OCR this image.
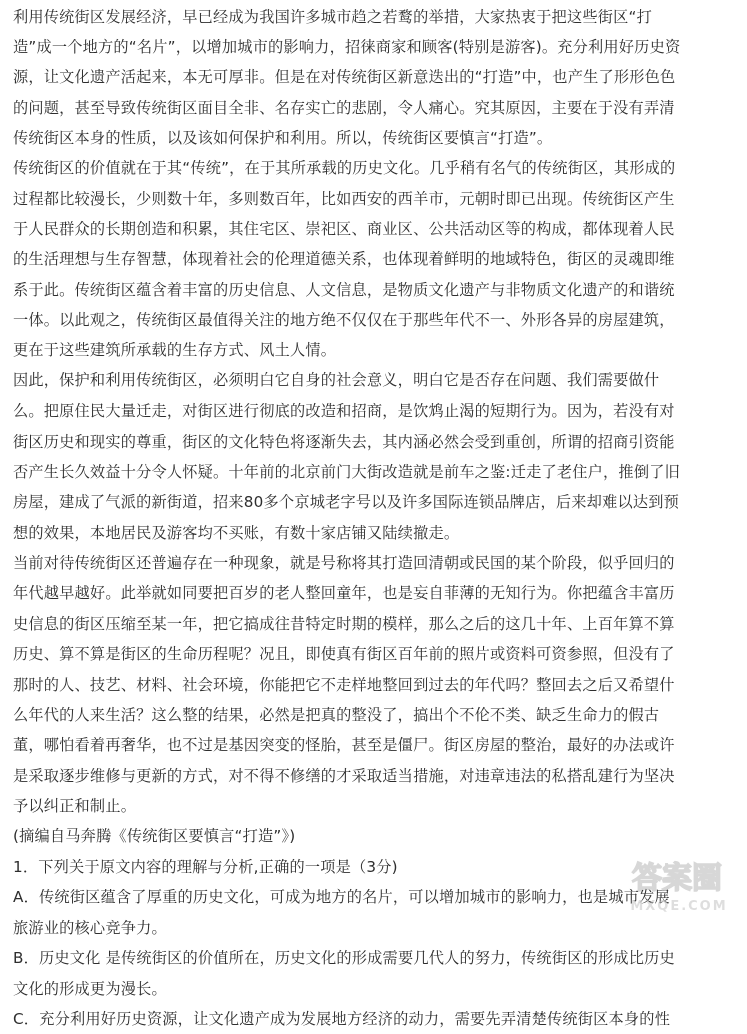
利用传统街区发展经济，早已经成为我国许多城市趋之若鹜的举措，大家热衷于把这些街区“打
造”成一个地方的“名片”，以增加城市的影响力，招徕商家和顾客(特别是游客)。充分利用好历史资
源，让文化遗产活起来，本无可厚非。但是在对传统街区新意迭出的“打造”中，也产生了形形色色
的问题，甚至导致传统街区面目全非、名存实亡的悲剧，令人痛心。究其原因，主要在于没有弄清
传统街区本身的性质，以及该如何保护和利用。所以，传统街区要慎言“打造”。
传统街区的价值就在于其“传统”，在于其所承载的历史文化。几乎稍有名气的传统街区，其形成的
过程都比较漫长，少则数十年，多则数百年，比如西安的西羊市，元朝时即已出现。传统街区产生
于人民群众的长期创造和积累，其住宅区、崇祀区、商业区、公共活动区等的构成，都体现着人民
的生活理想与生存智慧，体现着社会的伦理道德关系，也体现着鲜明的地域特色，街区的灵魂即维
系于此。传统街区蕴含着丰富的历史信息、人文信息，是物质文化遗产与非物质文化遗产的和谐统
一体。以此观之，传统街区最值得关注的地方绝不仅仅在于那些年代不一、外形各异的房屋建筑，
更在于这些建筑所承载的生存方式、风土人情。
因此，保护和利用传统街区，必须明白它自身的社会意义，明白它是否存在问题、我们需要做什
么。把原住民大量迁走，对街区进行彻底的改造和招商，是饮鸩止渴的短期行为。因为，若没有对
街区历史和现实的尊重，街区的文化特色将逐渐失去，其内涵必然会受到重创，所谓的招商引资能
否产生长久效益十分令人怀疑。十年前的北京前门大街改造就是前车之鉴:迁走了老住户，推倒了旧
房屋，建成了气派的新街道，招来80多个京城老字号以及许多国际连锁品牌店，后来却难以达到预
想的效果，本地居民及游客均不买账，有数十家店铺又陆续撤走。
当前对待传统街区还普遍存在一种现象，就是号称将其打造回清朝或民国的某个阶段，似乎回归的
年代越早越好。此举就如同要把百岁的老人整回童年，也是妄自菲薄的无知行为。你把蕴含丰富历
史信息的街区压缩至某一年，把它搞成往昔特定时期的模样，那么之后的这几十年、上百年算不算
历史、算不算是街区的生命历程呢？况且，即使真有街区百年前的照片或资料可资参照，但没有了
那时的人、技艺、材料、社会环境，你能把它不走样地整回到过去的年代吗？整回去之后又希望什
么年代的人来生活？这么整的结果，必然是把真的整没了，搞出个不伦不类、缺乏生命力的假古
董，哪怕看着再奢华，也不过是基因突变的怪胎，甚至是僵尸。街区房屋的整治，最好的办法或许
是采取逐步维修与更新的方式，对不得不修缮的才采取适当措施，对违章违法的私搭乱建行为坚决
予以纠正和制止。
(摘编自马奔腾《传统街区要慎言“打造”》)
1．下列关于原文内容的理解与分析,正确的一项是（3分)
A．传统街区蕴含了厚重的历史文化，可成为地方的名片，可以增加城市的影响力，也是城市发展
旅游业的核心竞争力。
B．历史文化 是传统街区的价值所在，历史文化的形成需要几代人的努力，传统街区的形成比历史
文化的形成更为漫长。
C．充分利用好历史资源，让文化遗产成为发展地方经济的动力，需要先弄清楚传统街区本身的性
答案圈
MXQE.COM
